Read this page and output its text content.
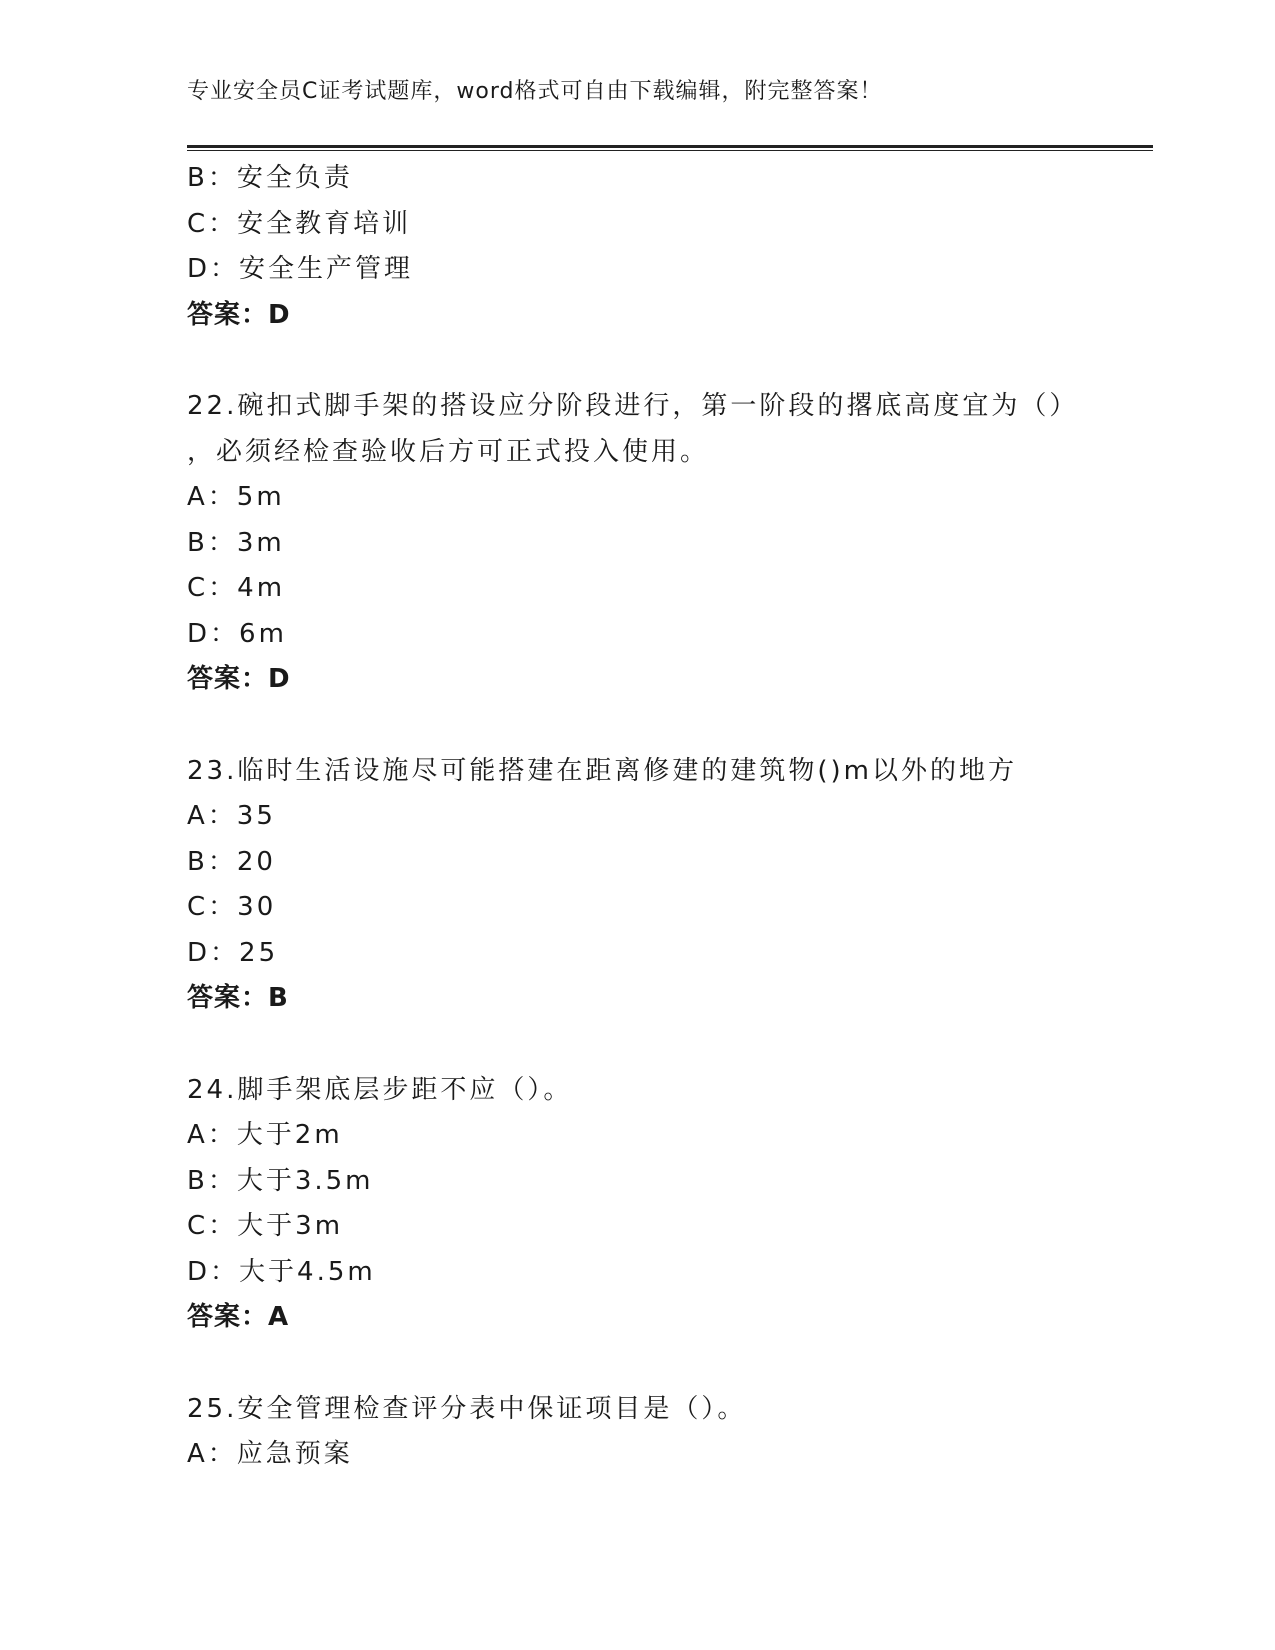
专业安全员C证考试题库，word格式可自由下载编辑，附完整答案！
B：安全负责
C：安全教育培训
D：安全生产管理
答案：D
22.碗扣式脚手架的搭设应分阶段进行，第一阶段的撂底高度宜为（）
，必须经检查验收后方可正式投入使用。
A：5m
B：3m
C：4m
D：6m
答案：D
23.临时生活设施尽可能搭建在距离修建的建筑物()m以外的地方
A：35
B：20
C：30
D：25
答案：B
24.脚手架底层步距不应（）。
A：大于2m
B：大于3.5m
C：大于3m
D：大于4.5m
答案：A
25.安全管理检查评分表中保证项目是（）。
A：应急预案
